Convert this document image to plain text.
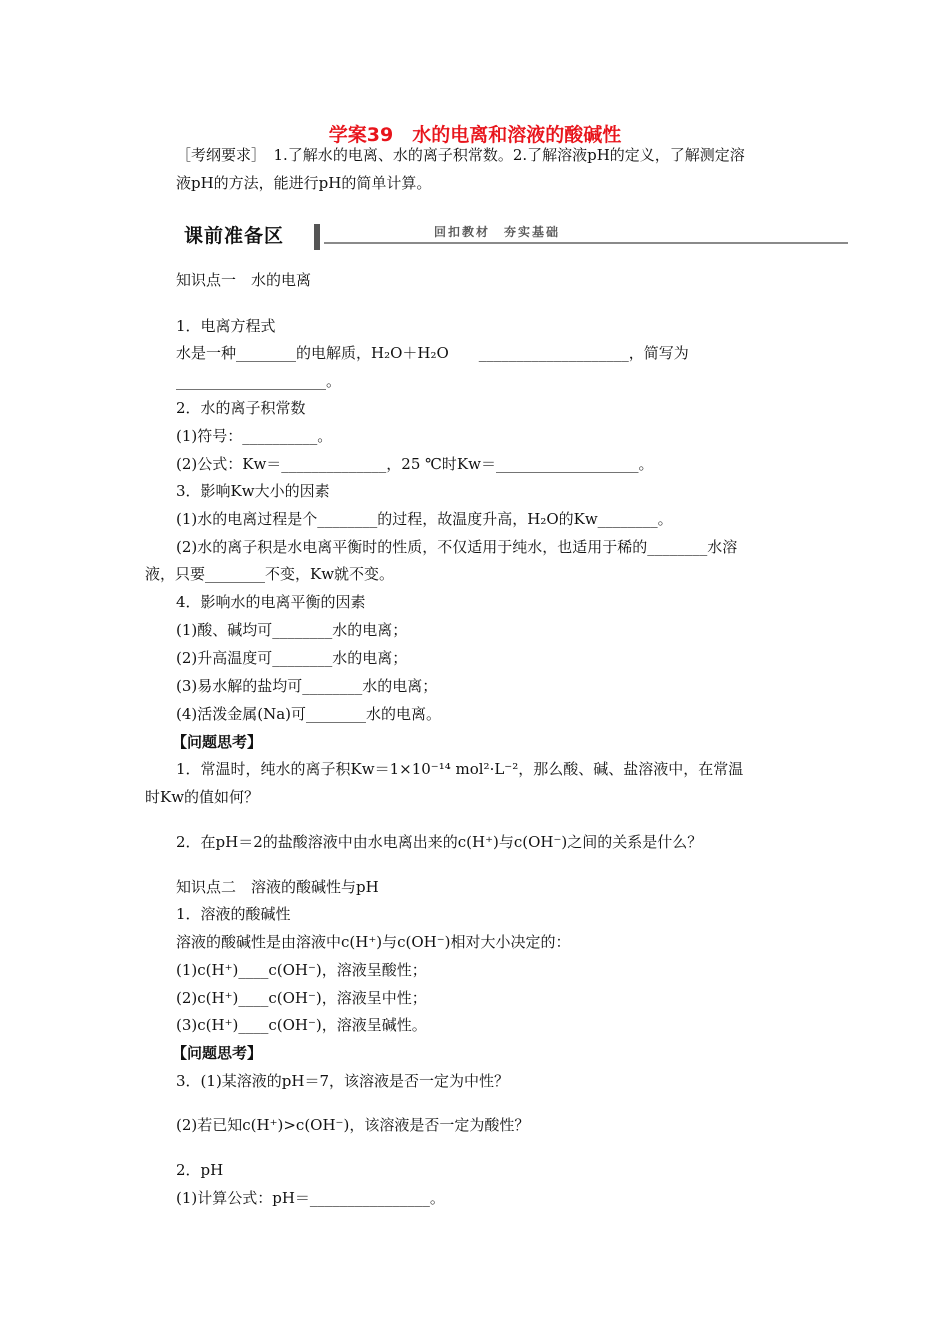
学案39　水的电离和溶液的酸碱性
［考纲要求］　1.了解水的电离、水的离子积常数。2.了解溶液pH的定义，了解测定溶
液pH的方法，能进行pH的简单计算。
课前准备区	回扣教材　夯实基础
知识点一　水的电离
1．电离方程式
水是一种________的电解质，H₂O＋H₂O　　____________________，简写为
____________________。
2．水的离子积常数
(1)符号：__________。
(2)公式：Kw＝______________，25 ℃时Kw＝___________________。
3．影响Kw大小的因素
(1)水的电离过程是个________的过程，故温度升高，H₂O的Kw________。
(2)水的离子积是水电离平衡时的性质，不仅适用于纯水，也适用于稀的________水溶
液，只要________不变，Kw就不变。
4．影响水的电离平衡的因素
(1)酸、碱均可________水的电离；
(2)升高温度可________水的电离；
(3)易水解的盐均可________水的电离；
(4)活泼金属(Na)可________水的电离。
【问题思考】
1．常温时，纯水的离子积Kw＝1×10⁻¹⁴ mol²·L⁻²，那么酸、碱、盐溶液中，在常温
时Kw的值如何？
2．在pH＝2的盐酸溶液中由水电离出来的c(H⁺)与c(OH⁻)之间的关系是什么？
知识点二　溶液的酸碱性与pH
1．溶液的酸碱性
溶液的酸碱性是由溶液中c(H⁺)与c(OH⁻)相对大小决定的：
(1)c(H⁺)____c(OH⁻)，溶液呈酸性；
(2)c(H⁺)____c(OH⁻)，溶液呈中性；
(3)c(H⁺)____c(OH⁻)，溶液呈碱性。
【问题思考】
3．(1)某溶液的pH＝7，该溶液是否一定为中性？
(2)若已知c(H⁺)>c(OH⁻)，该溶液是否一定为酸性？
2．pH
(1)计算公式：pH＝________________。
